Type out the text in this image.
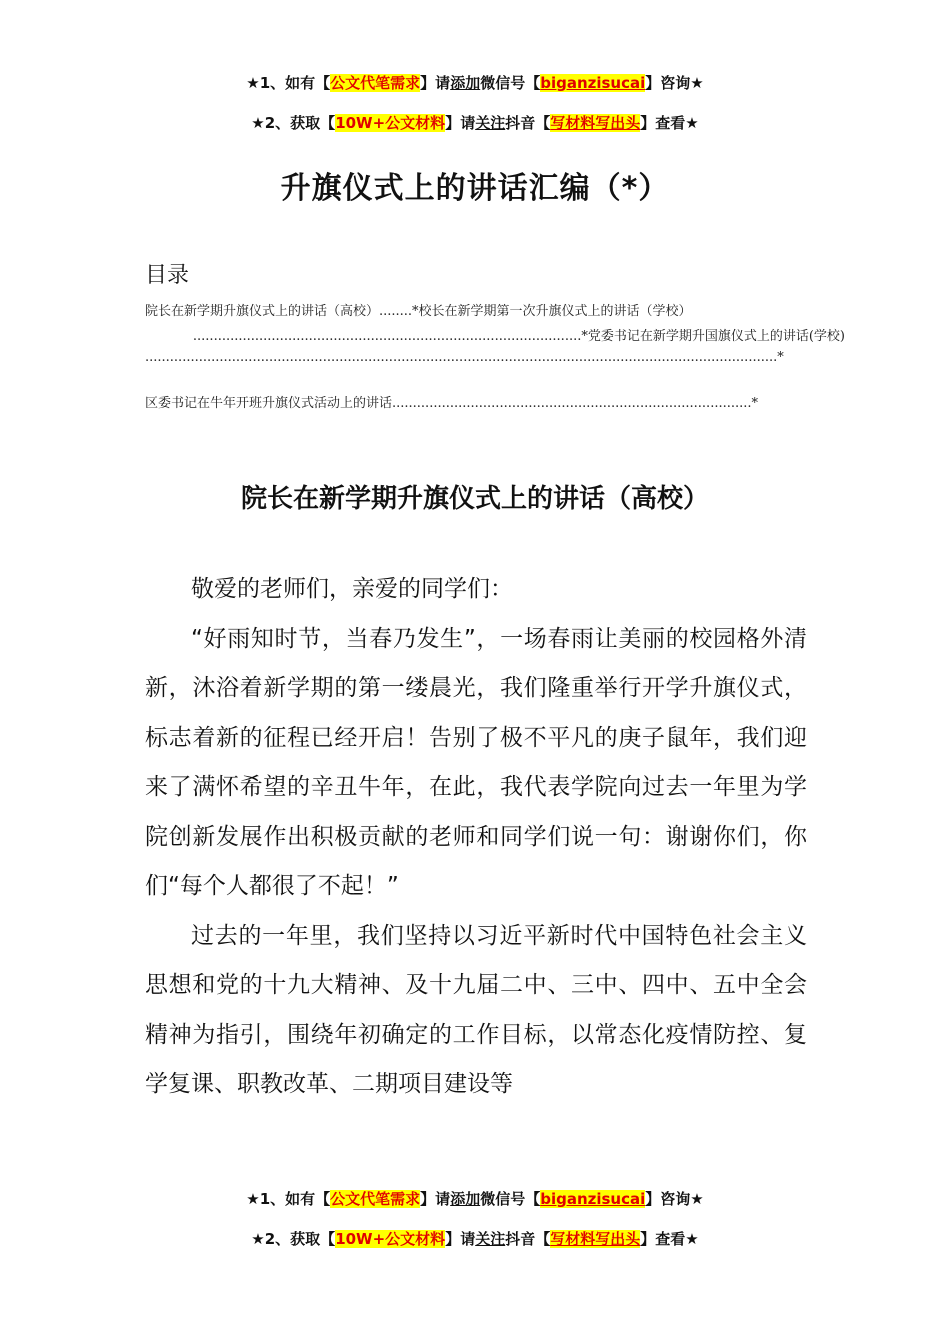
★1、如有【公文代笔需求】请添加微信号【biganzisucai】咨询★
★2、获取【10W+公文材料】请关注抖音【写材料写出头】查看★
升旗仪式上的讲话汇编（*）
目录
院长在新学期升旗仪式上的讲话（高校）........*校长在新学期第一次升旗仪式上的讲话（学校）
..............................................................................................*党委书记在新学期升国旗仪式上的讲话(学校)
.........................................................................................................................................................*
区委书记在牛年开班升旗仪式活动上的讲话.......................................................................................*
院长在新学期升旗仪式上的讲话（高校）

敬爱的老师们，亲爱的同学们：

“好雨知时节，当春乃发生”，一场春雨让美丽的校园格外清新，沐浴着新学期的第一缕晨光，我们隆重举行开学升旗仪式，标志着新的征程已经开启！告别了极不平凡的庚子鼠年，我们迎来了满怀希望的辛丑牛年，在此，我代表学院向过去一年里为学院创新发展作出积极贡献的老师和同学们说一句：谢谢你们，你们“每个人都很了不起！”

过去的一年里，我们坚持以习近平新时代中国特色社会主义思想和党的十九大精神、及十九届二中、三中、四中、五中全会精神为指引，围绕年初确定的工作目标，以常态化疫情防控、复学复课、职教改革、二期项目建设等

★1、如有【公文代笔需求】请添加微信号【biganzisucai】咨询★
★2、获取【10W+公文材料】请关注抖音【写材料写出头】查看★
